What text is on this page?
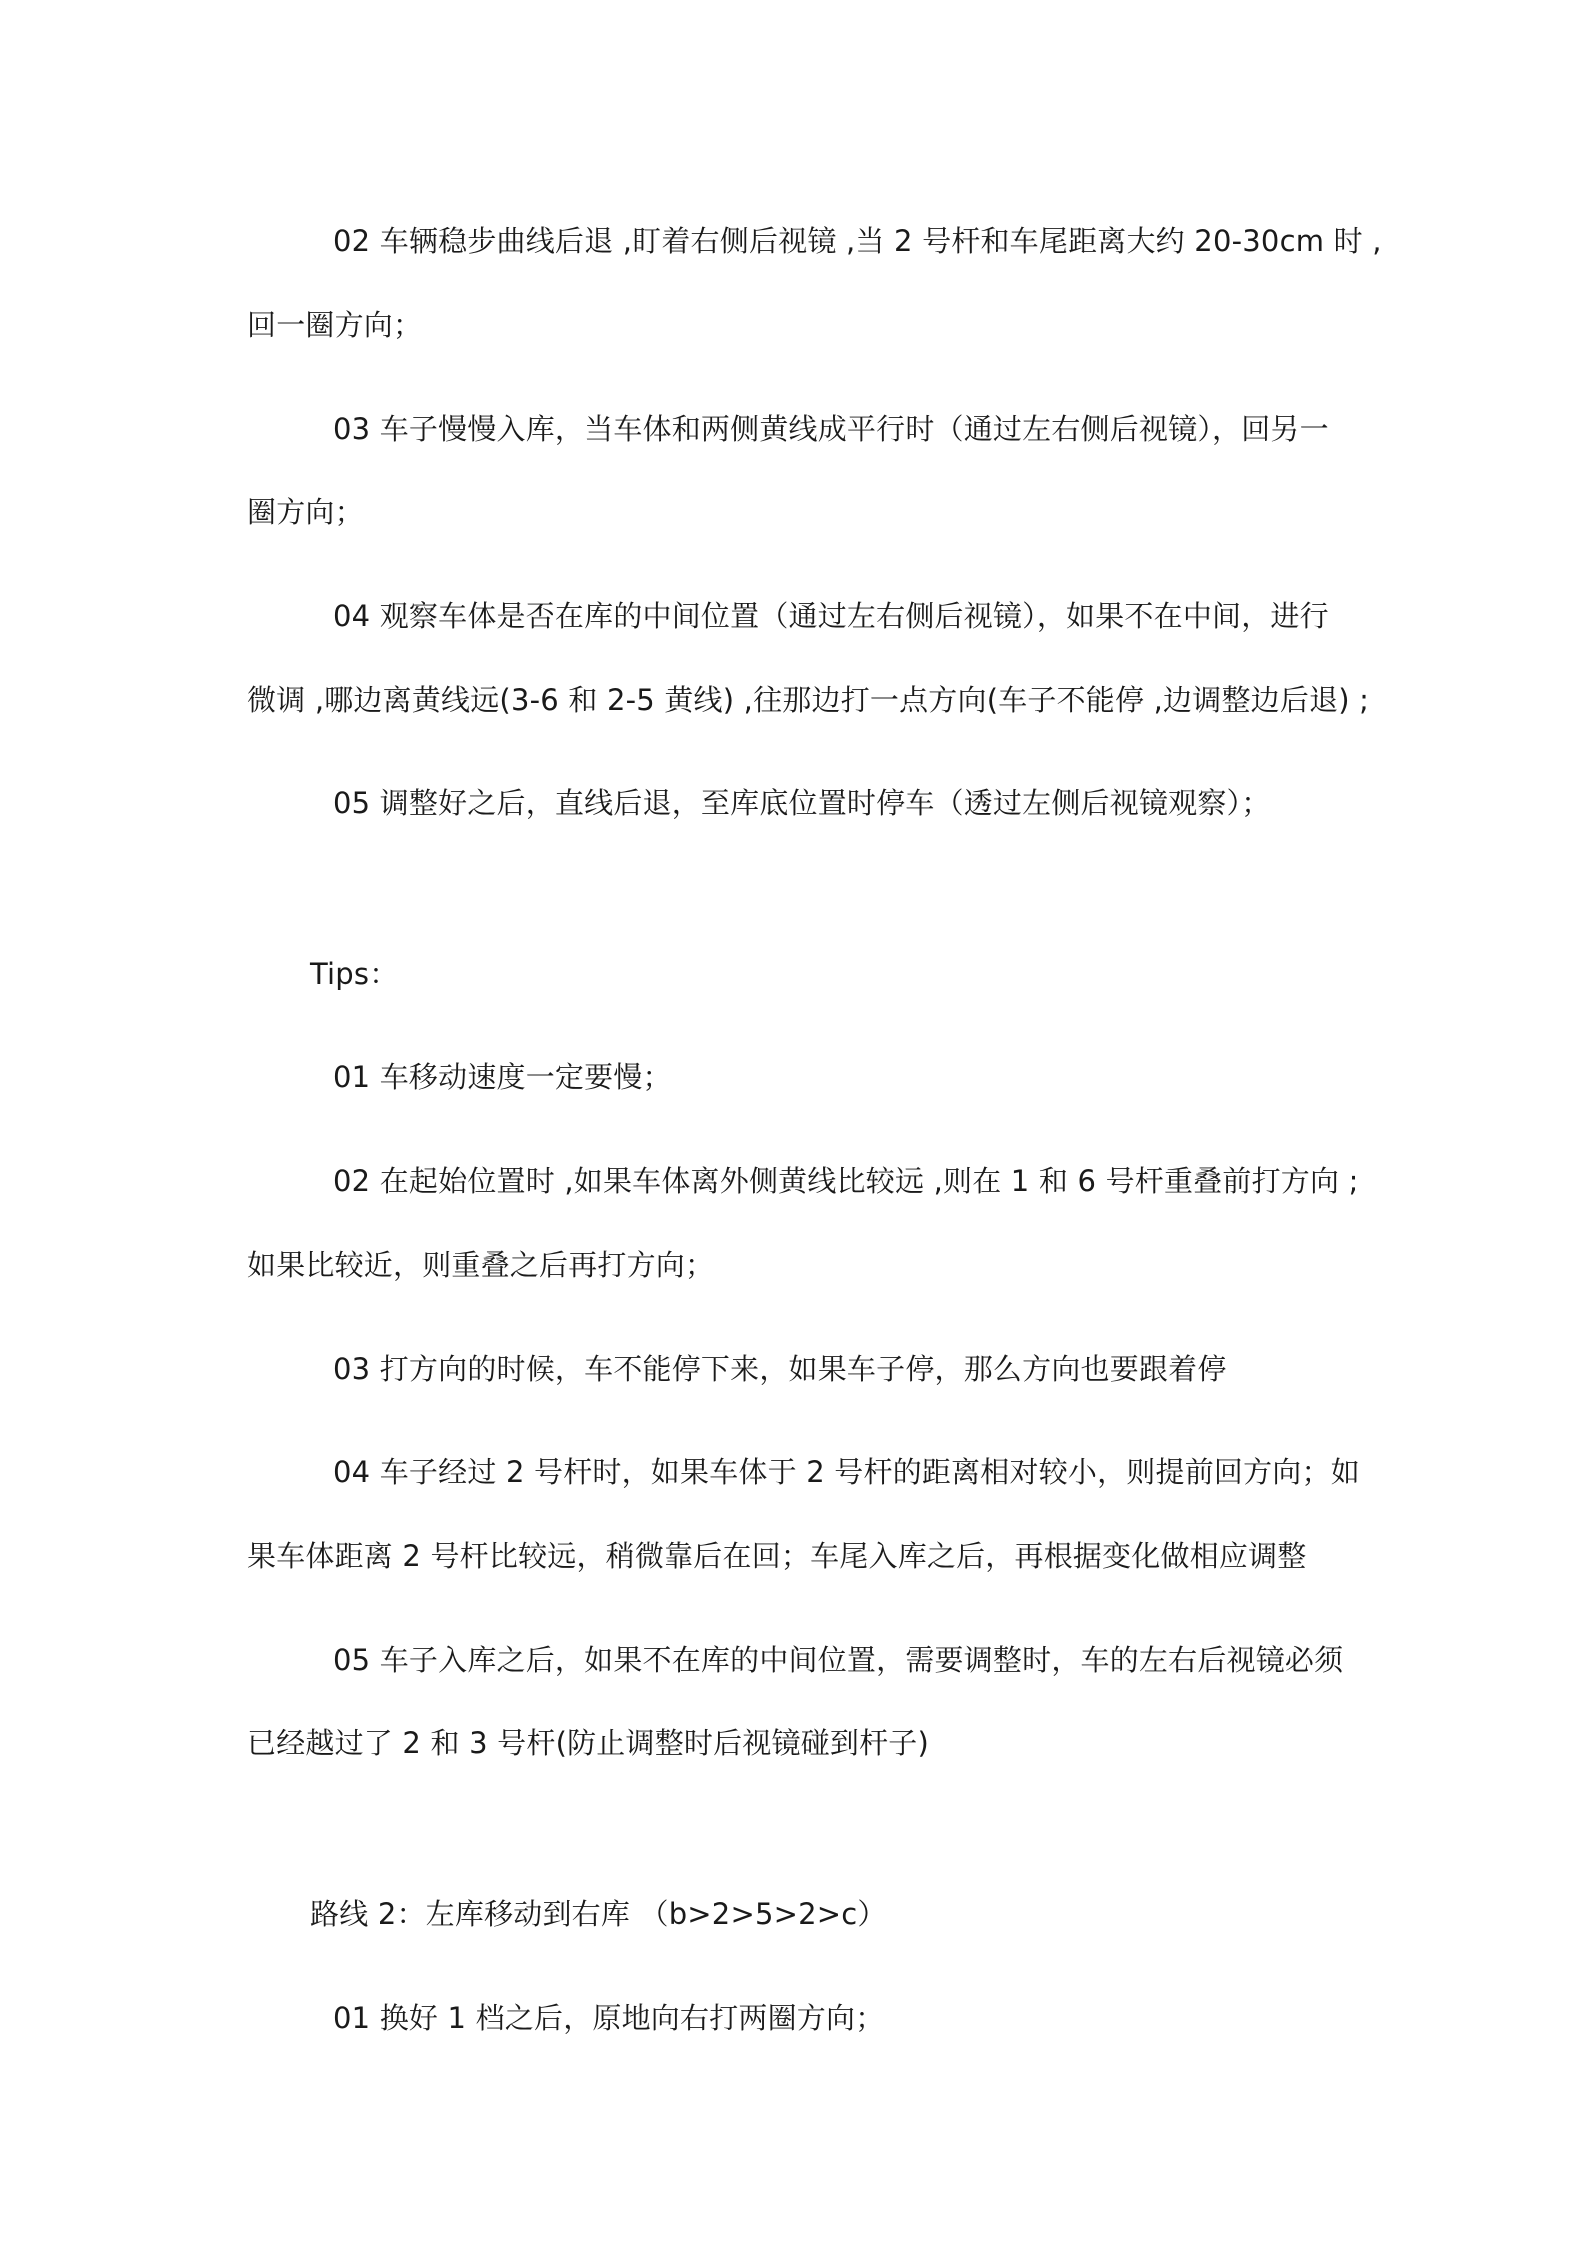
02 车辆稳步曲线后退 ,盯着右侧后视镜 ,当 2 号杆和车尾距离大约 20-30cm 时 ,
回一圈方向；
03 车子慢慢入库，当车体和两侧黄线成平行时（通过左右侧后视镜），回另一
圈方向；
04 观察车体是否在库的中间位置（通过左右侧后视镜），如果不在中间，进行
微调 ,哪边离黄线远(3-6 和 2-5 黄线) ,往那边打一点方向(车子不能停 ,边调整边后退) ;
05 调整好之后，直线后退，至库底位置时停车（透过左侧后视镜观察）；
Tips：
01 车移动速度一定要慢；
02 在起始位置时 ,如果车体离外侧黄线比较远 ,则在 1 和 6 号杆重叠前打方向 ;
如果比较近，则重叠之后再打方向；
03 打方向的时候，车不能停下来，如果车子停，那么方向也要跟着停
04 车子经过 2 号杆时，如果车体于 2 号杆的距离相对较小，则提前回方向；如
果车体距离 2 号杆比较远，稍微靠后在回；车尾入库之后，再根据变化做相应调整
05 车子入库之后，如果不在库的中间位置，需要调整时，车的左右后视镜必须
已经越过了 2 和 3 号杆(防止调整时后视镜碰到杆子)
路线 2：左库移动到右库 （b>2>5>2>c）
01 换好 1 档之后，原地向右打两圈方向；
